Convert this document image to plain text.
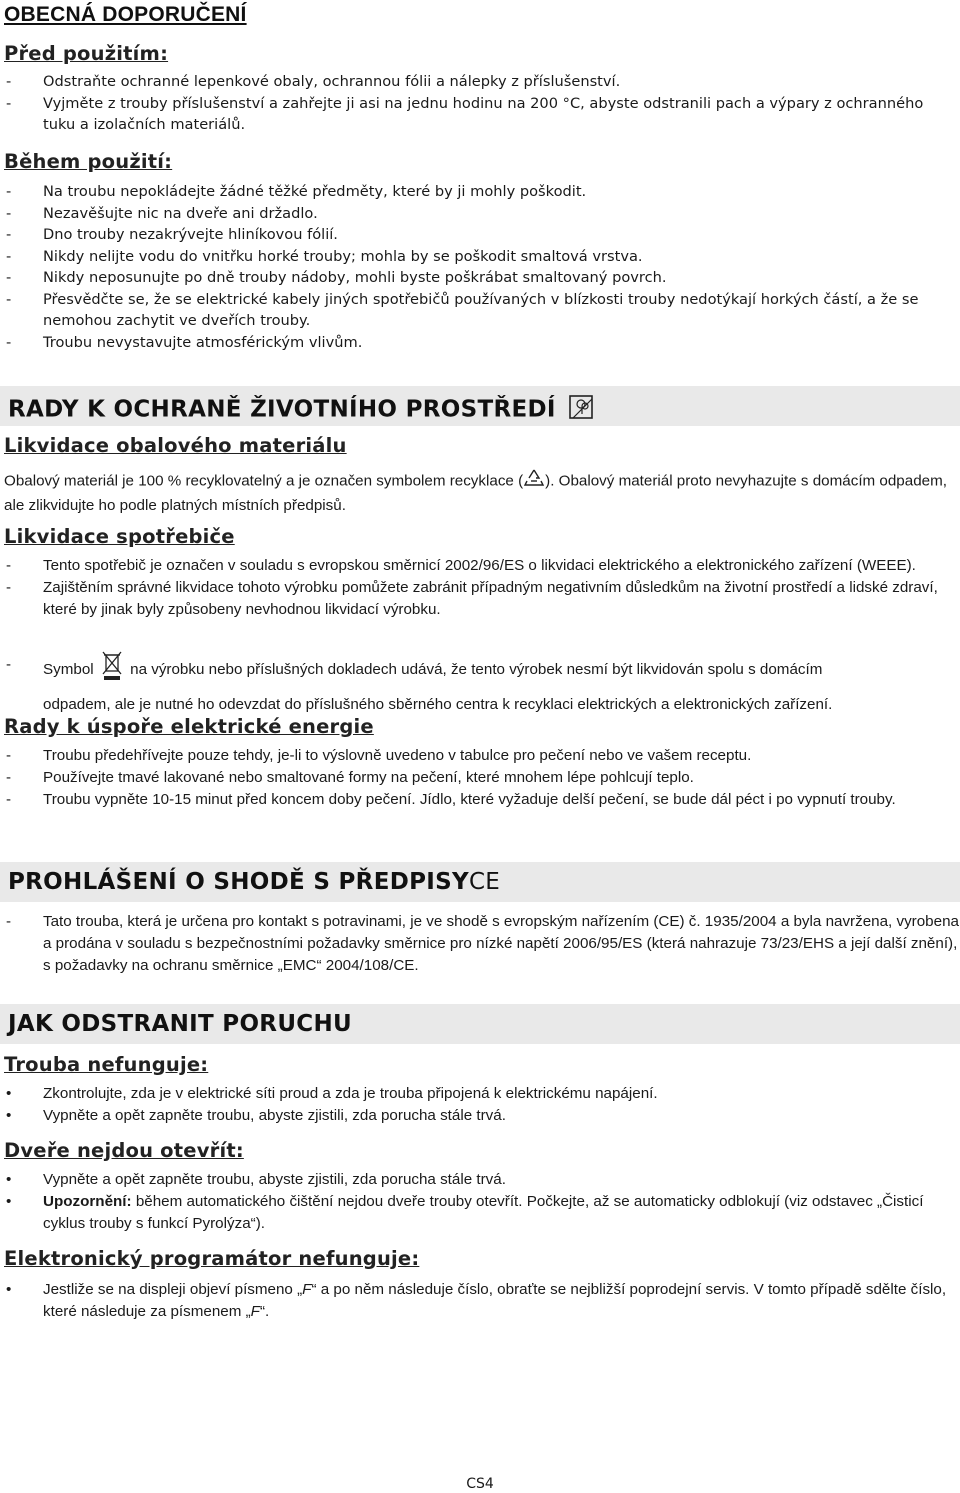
OBECNÁ DOPORUČENÍ
Před použitím:
- Odstraňte ochranné lepenkové obaly, ochrannou fólii a nálepky z příslušenství.
- Vyjměte z trouby příslušenství a zahřejte ji asi na jednu hodinu na 200 °C, abyste odstranili pach a výpary z ochranného tuku a izolačních materiálů.
Během použití:
- Na troubu nepokládejte žádné těžké předměty, které by ji mohly poškodit.
- Nezavěšujte nic na dveře ani držadlo.
- Dno trouby nezakrývejte hliníkovou fólií.
- Nikdy nelijte vodu do vnitřku horké trouby; mohla by se poškodit smaltová vrstva.
- Nikdy neposunujte po dně trouby nádoby, mohli byste poškrábat smaltovaný povrch.
- Přesvědčte se, že se elektrické kabely jiných spotřebičů používaných v blízkosti trouby nedotýkají horkých částí, a že se nemohou zachytit ve dveřích trouby.
- Troubu nevystavujte atmosférickým vlivům.
RADY K OCHRANĚ ŽIVOTNÍHO PROSTŘEDÍ
Likvidace obalového materiálu
Obalový materiál je 100 % recyklovatelný a je označen symbolem recyklace ( ). Obalový materiál proto nevyhazujte s domácím odpadem, ale zlikvidujte ho podle platných místních předpisů.
Likvidace spotřebiče
- Tento spotřebič je označen v souladu s evropskou směrnicí 2002/96/ES o likvidaci elektrického a elektronického zařízení (WEEE).
- Zajištěním správné likvidace tohoto výrobku pomůžete zabránit případným negativním důsledkům na životní prostředí a lidské zdraví, které by jinak byly způsobeny nevhodnou likvidací výrobku.
- Symbol na výrobku nebo příslušných dokladech udává, že tento výrobek nesmí být likvidován spolu s domácím
odpadem, ale je nutné ho odevzdat do příslušného sběrného centra k recyklaci elektrických a elektronických zařízení.
Rady k úspoře elektrické energie
- Troubu předehřívejte pouze tehdy, je-li to výslovně uvedeno v tabulce pro pečení nebo ve vašem receptu.
- Používejte tmavé lakované nebo smaltované formy na pečení, které mnohem lépe pohlcují teplo.
- Troubu vypněte 10-15 minut před koncem doby pečení. Jídlo, které vyžaduje delší pečení, se bude dál péct i po vypnutí trouby.
PROHLÁŠENÍ O SHODĚ S PŘEDPISYCE
- Tato trouba, která je určena pro kontakt s potravinami, je ve shodě s evropským nařízením (CE) č. 1935/2004 a byla navržena, vyrobena a prodána v souladu s bezpečnostními požadavky směrnice pro nízké napětí 2006/95/ES (která nahrazuje 73/23/EHS a její další znění), s požadavky na ochranu směrnice „EMC“ 2004/108/CE.
JAK ODSTRANIT PORUCHU
Trouba nefunguje:
• Zkontrolujte, zda je v elektrické síti proud a zda je trouba připojená k elektrickému napájení.
• Vypněte a opět zapněte troubu, abyste zjistili, zda porucha stále trvá.
Dveře nejdou otevřít:
• Vypněte a opět zapněte troubu, abyste zjistili, zda porucha stále trvá.
• Upozornění: během automatického čištění nejdou dveře trouby otevřít. Počkejte, až se automaticky odblokují (viz odstavec „Čisticí cyklus trouby s funkcí Pyrolýza“).
Elektronický programátor nefunguje:
• Jestliže se na displeji objeví písmeno „F“ a po něm následuje číslo, obraťte se nejbližší poprodejní servis. V tomto případě sdělte číslo, které následuje za písmenem „F“.
CS4
